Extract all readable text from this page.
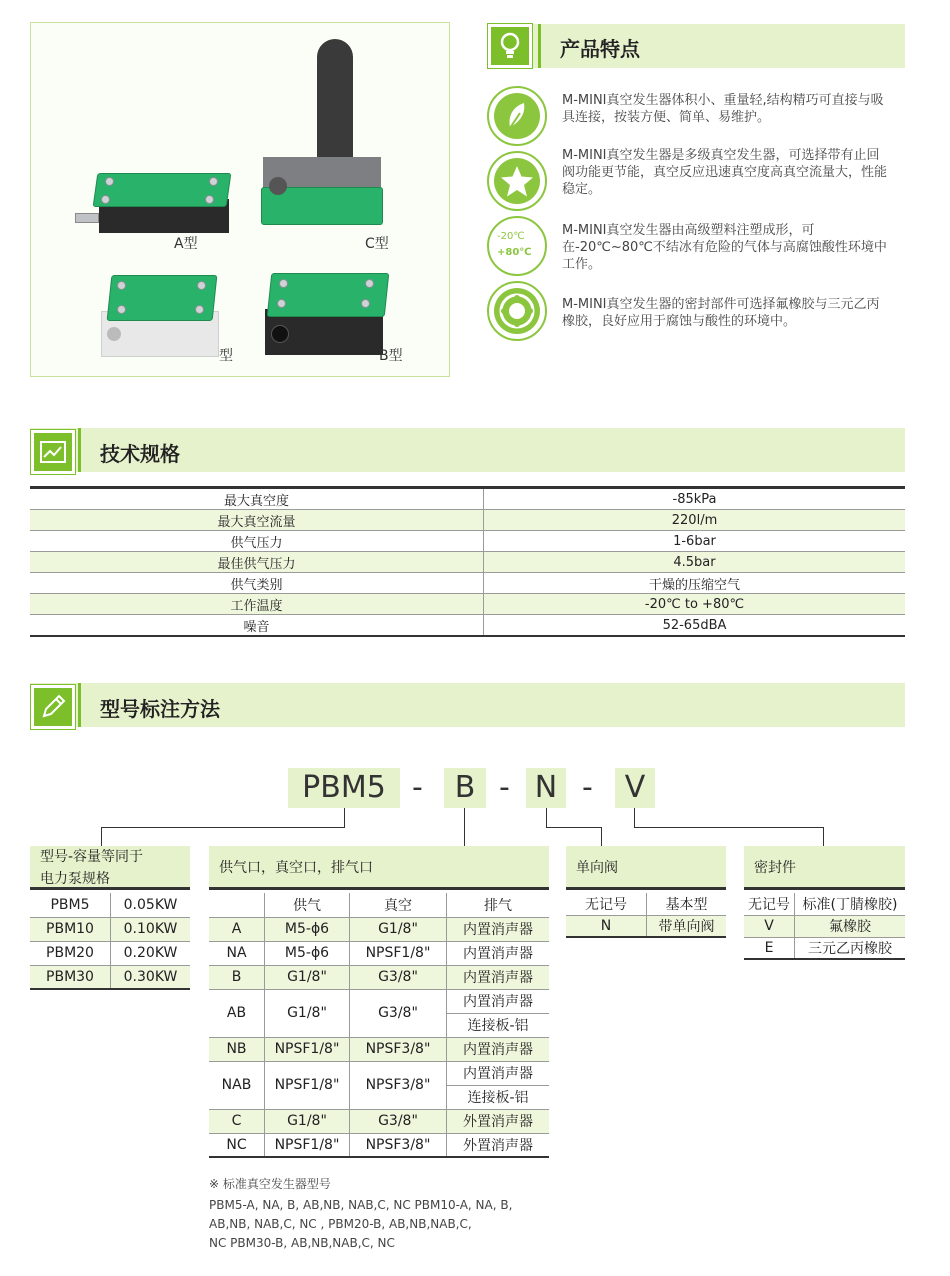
A型	C型
型	B型
产品特点
M-MINI真空发生器体积小、重量轻,结构精巧可直接与吸具连接，按装方便、简单、易维护。
M-MINI真空发生器是多级真空发生器，可选择带有止回阀功能更节能，真空反应迅速真空度高真空流量大，性能稳定。
-20℃
+80℃
M-MINI真空发生器由高级塑料注塑成形，可在-20℃~80℃不结冰有危险的气体与高腐蚀酸性环境中工作。
M-MINI真空发生器的密封部件可选择氟橡胶与三元乙丙橡胶，良好应用于腐蚀与酸性的环境中。
技术规格
最大真空度	-85kPa
最大真空流量	220l/m
供气压力	1-6bar
最佳供气压力	4.5bar
供气类别	干燥的压缩空气
工作温度	-20℃ to +80℃
噪音	52-65dBA
型号标注方法
PBM5 -	B - N -	V
型号-容量等同于
电力泵规格
PBM5	0.05KW
PBM10	0.10KW
PBM20	0.20KW
PBM30	0.30KW
供气口，真空口，排气口
	供气	真空	排气
A	M5-ϕ6	G1/8"	内置消声器
NA	M5-ϕ6	NPSF1/8"	内置消声器
B	G1/8"	G3/8"	内置消声器
AB	G1/8"	G3/8"	内置消声器
			连接板-铝
NB	NPSF1/8"	NPSF3/8"	内置消声器
NAB	NPSF1/8"	NPSF3/8"	内置消声器
			连接板-铝
C	G1/8"	G3/8"	外置消声器
NC	NPSF1/8"	NPSF3/8"	外置消声器
单向阀
无记号	基本型
N	带单向阀
密封件
无记号	标准(丁腈橡胶)
V	氟橡胶
E	三元乙丙橡胶
※ 标准真空发生器型号
PBM5-A, NA, B, AB,NB, NAB,C, NC PBM10-A, NA, B,
AB,NB, NAB,C, NC , PBM20-B, AB,NB,NAB,C,
NC PBM30-B, AB,NB,NAB,C, NC
